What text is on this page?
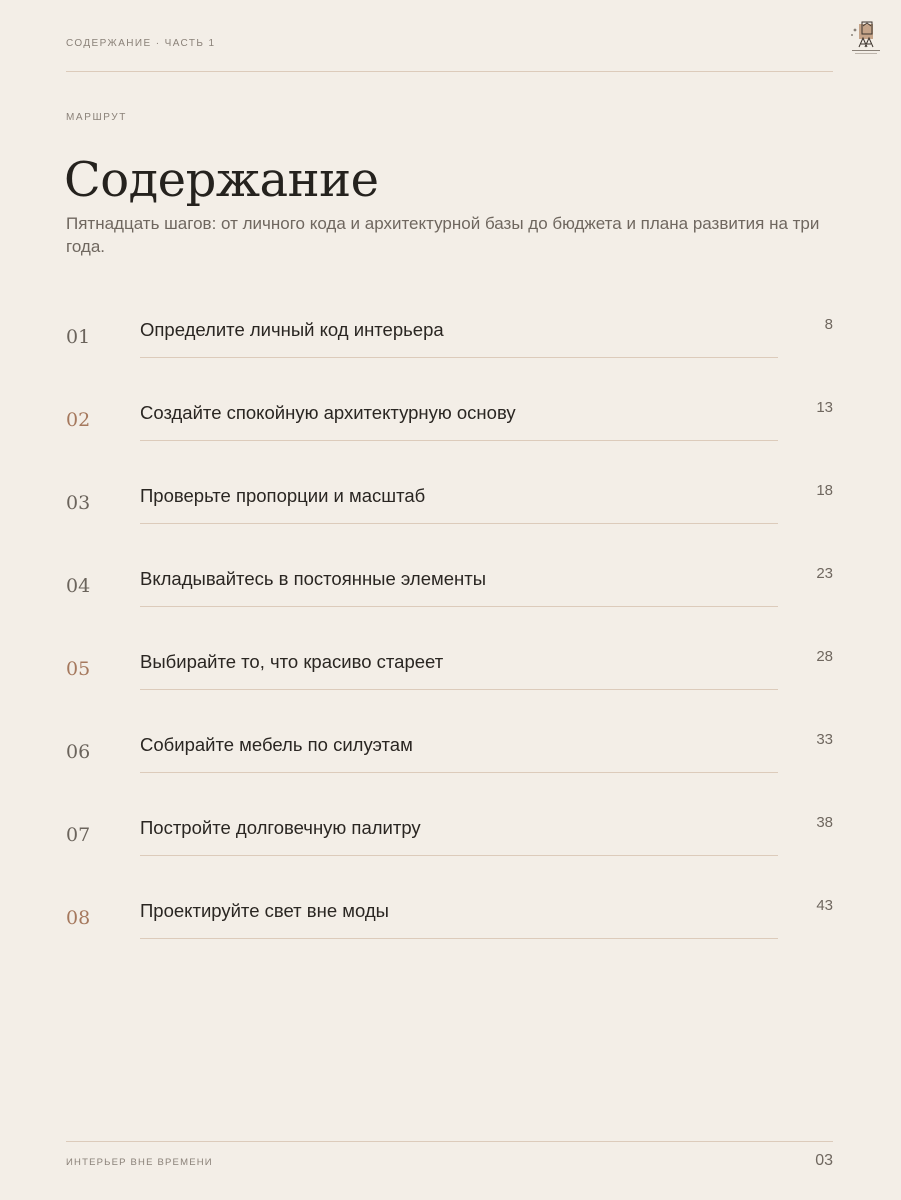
СОДЕРЖАНИЕ · ЧАСТЬ 1
МАРШРУТ
Содержание
Пятнадцать шагов: от личного кода и архитектурной базы до бюджета и плана развития на три года.
01	Определите личный код интерьера	8
02	Создайте спокойную архитектурную основу	13
03	Проверьте пропорции и масштаб	18
04	Вкладывайтесь в постоянные элементы	23
05	Выбирайте то, что красиво стареет	28
06	Собирайте мебель по силуэтам	33
07	Постройте долговечную палитру	38
08	Проектируйте свет вне моды	43
ИНТЕРЬЕР ВНЕ ВРЕМЕНИ	03
